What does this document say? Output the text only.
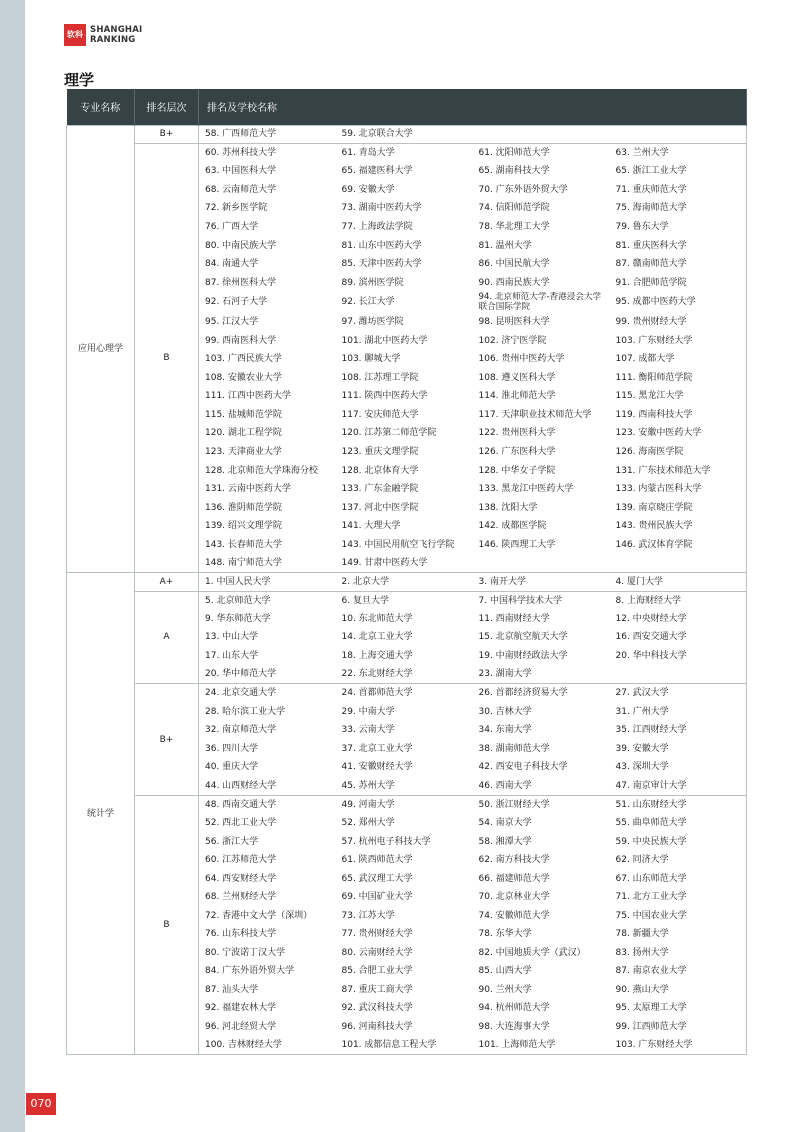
软科 SHANGHAI
RANKING
理学
专业名称	排名层次	排名及学校名称			
应用心理学	B+	58. 广西师范大学	59. 北京联合大学		
	B	60. 苏州科技大学	61. 青岛大学	61. 沈阳师范大学	63. 兰州大学
		63. 中国医科大学	65. 福建医科大学	65. 湖南科技大学	65. 浙江工业大学
		68. 云南师范大学	69. 安徽大学	70. 广东外语外贸大学	71. 重庆师范大学
		72. 新乡医学院	73. 湖南中医药大学	74. 信阳师范学院	75. 海南师范大学
		76. 广西大学	77. 上海政法学院	78. 华北理工大学	79. 鲁东大学
		80. 中南民族大学	81. 山东中医药大学	81. 温州大学	81. 重庆医科大学
		84. 南通大学	85. 天津中医药大学	86. 中国民航大学	87. 赣南师范大学
		87. 徐州医科大学	89. 滨州医学院	90. 西南民族大学	91. 合肥师范学院
		92. 石河子大学	92. 长江大学	94. 北京师范大学-香港浸会大学联合国际学院	95. 成都中医药大学
		95. 江汉大学	97. 潍坊医学院	98. 昆明医科大学	99. 贵州财经大学
		99. 西南医科大学	101. 湖北中医药大学	102. 济宁医学院	103. 广东财经大学
		103. 广西民族大学	103. 聊城大学	106. 贵州中医药大学	107. 成都大学
		108. 安徽农业大学	108. 江苏理工学院	108. 遵义医科大学	111. 衡阳师范学院
		111. 江西中医药大学	111. 陕西中医药大学	114. 淮北师范大学	115. 黑龙江大学
		115. 盐城师范学院	117. 安庆师范大学	117. 天津职业技术师范大学	119. 西南科技大学
		120. 湖北工程学院	120. 江苏第二师范学院	122. 贵州医科大学	123. 安徽中医药大学
		123. 天津商业大学	123. 重庆文理学院	126. 广东医科大学	126. 海南医学院
		128. 北京师范大学珠海分校	128. 北京体育大学	128. 中华女子学院	131. 广东技术师范大学
		131. 云南中医药大学	133. 广东金融学院	133. 黑龙江中医药大学	133. 内蒙古医科大学
		136. 淮阴师范学院	137. 河北中医学院	138. 沈阳大学	139. 南京晓庄学院
		139. 绍兴文理学院	141. 大理大学	142. 成都医学院	143. 贵州民族大学
		143. 长春师范大学	143. 中国民用航空飞行学院	146. 陕西理工大学	146. 武汉体育学院
		148. 南宁师范大学	149. 甘肃中医药大学		
统计学	A+	1. 中国人民大学	2. 北京大学	3. 南开大学	4. 厦门大学
	A	5. 北京师范大学	6. 复旦大学	7. 中国科学技术大学	8. 上海财经大学
		9. 华东师范大学	10. 东北师范大学	11. 西南财经大学	12. 中央财经大学
		13. 中山大学	14. 北京工业大学	15. 北京航空航天大学	16. 西安交通大学
		17. 山东大学	18. 上海交通大学	19. 中南财经政法大学	20. 华中科技大学
		20. 华中师范大学	22. 东北财经大学	23. 湖南大学	
	B+	24. 北京交通大学	24. 首都师范大学	26. 首都经济贸易大学	27. 武汉大学
		28. 哈尔滨工业大学	29. 中南大学	30. 吉林大学	31. 广州大学
		32. 南京师范大学	33. 云南大学	34. 东南大学	35. 江西财经大学
		36. 四川大学	37. 北京工业大学	38. 湖南师范大学	39. 安徽大学
		40. 重庆大学	41. 安徽财经大学	42. 西安电子科技大学	43. 深圳大学
		44. 山西财经大学	45. 苏州大学	46. 西南大学	47. 南京审计大学
	B	48. 西南交通大学	49. 河南大学	50. 浙江财经大学	51. 山东财经大学
		52. 西北工业大学	52. 郑州大学	54. 南京大学	55. 曲阜师范大学
		56. 浙江大学	57. 杭州电子科技大学	58. 湘潭大学	59. 中央民族大学
		60. 江苏师范大学	61. 陕西师范大学	62. 南方科技大学	62. 同济大学
		64. 西安财经大学	65. 武汉理工大学	66. 福建师范大学	67. 山东师范大学
		68. 兰州财经大学	69. 中国矿业大学	70. 北京林业大学	71. 北方工业大学
		72. 香港中文大学（深圳）	73. 江苏大学	74. 安徽师范大学	75. 中国农业大学
		76. 山东科技大学	77. 贵州财经大学	78. 东华大学	78. 新疆大学
		80. 宁波诺丁汉大学	80. 云南财经大学	82. 中国地质大学（武汉）	83. 扬州大学
		84. 广东外语外贸大学	85. 合肥工业大学	85. 山西大学	87. 南京农业大学
		87. 汕头大学	87. 重庆工商大学	90. 兰州大学	90. 燕山大学
		92. 福建农林大学	92. 武汉科技大学	94. 杭州师范大学	95. 太原理工大学
		96. 河北经贸大学	96. 河南科技大学	98. 大连海事大学	99. 江西师范大学
		100. 吉林财经大学	101. 成都信息工程大学	101. 上海师范大学	103. 广东财经大学
070
